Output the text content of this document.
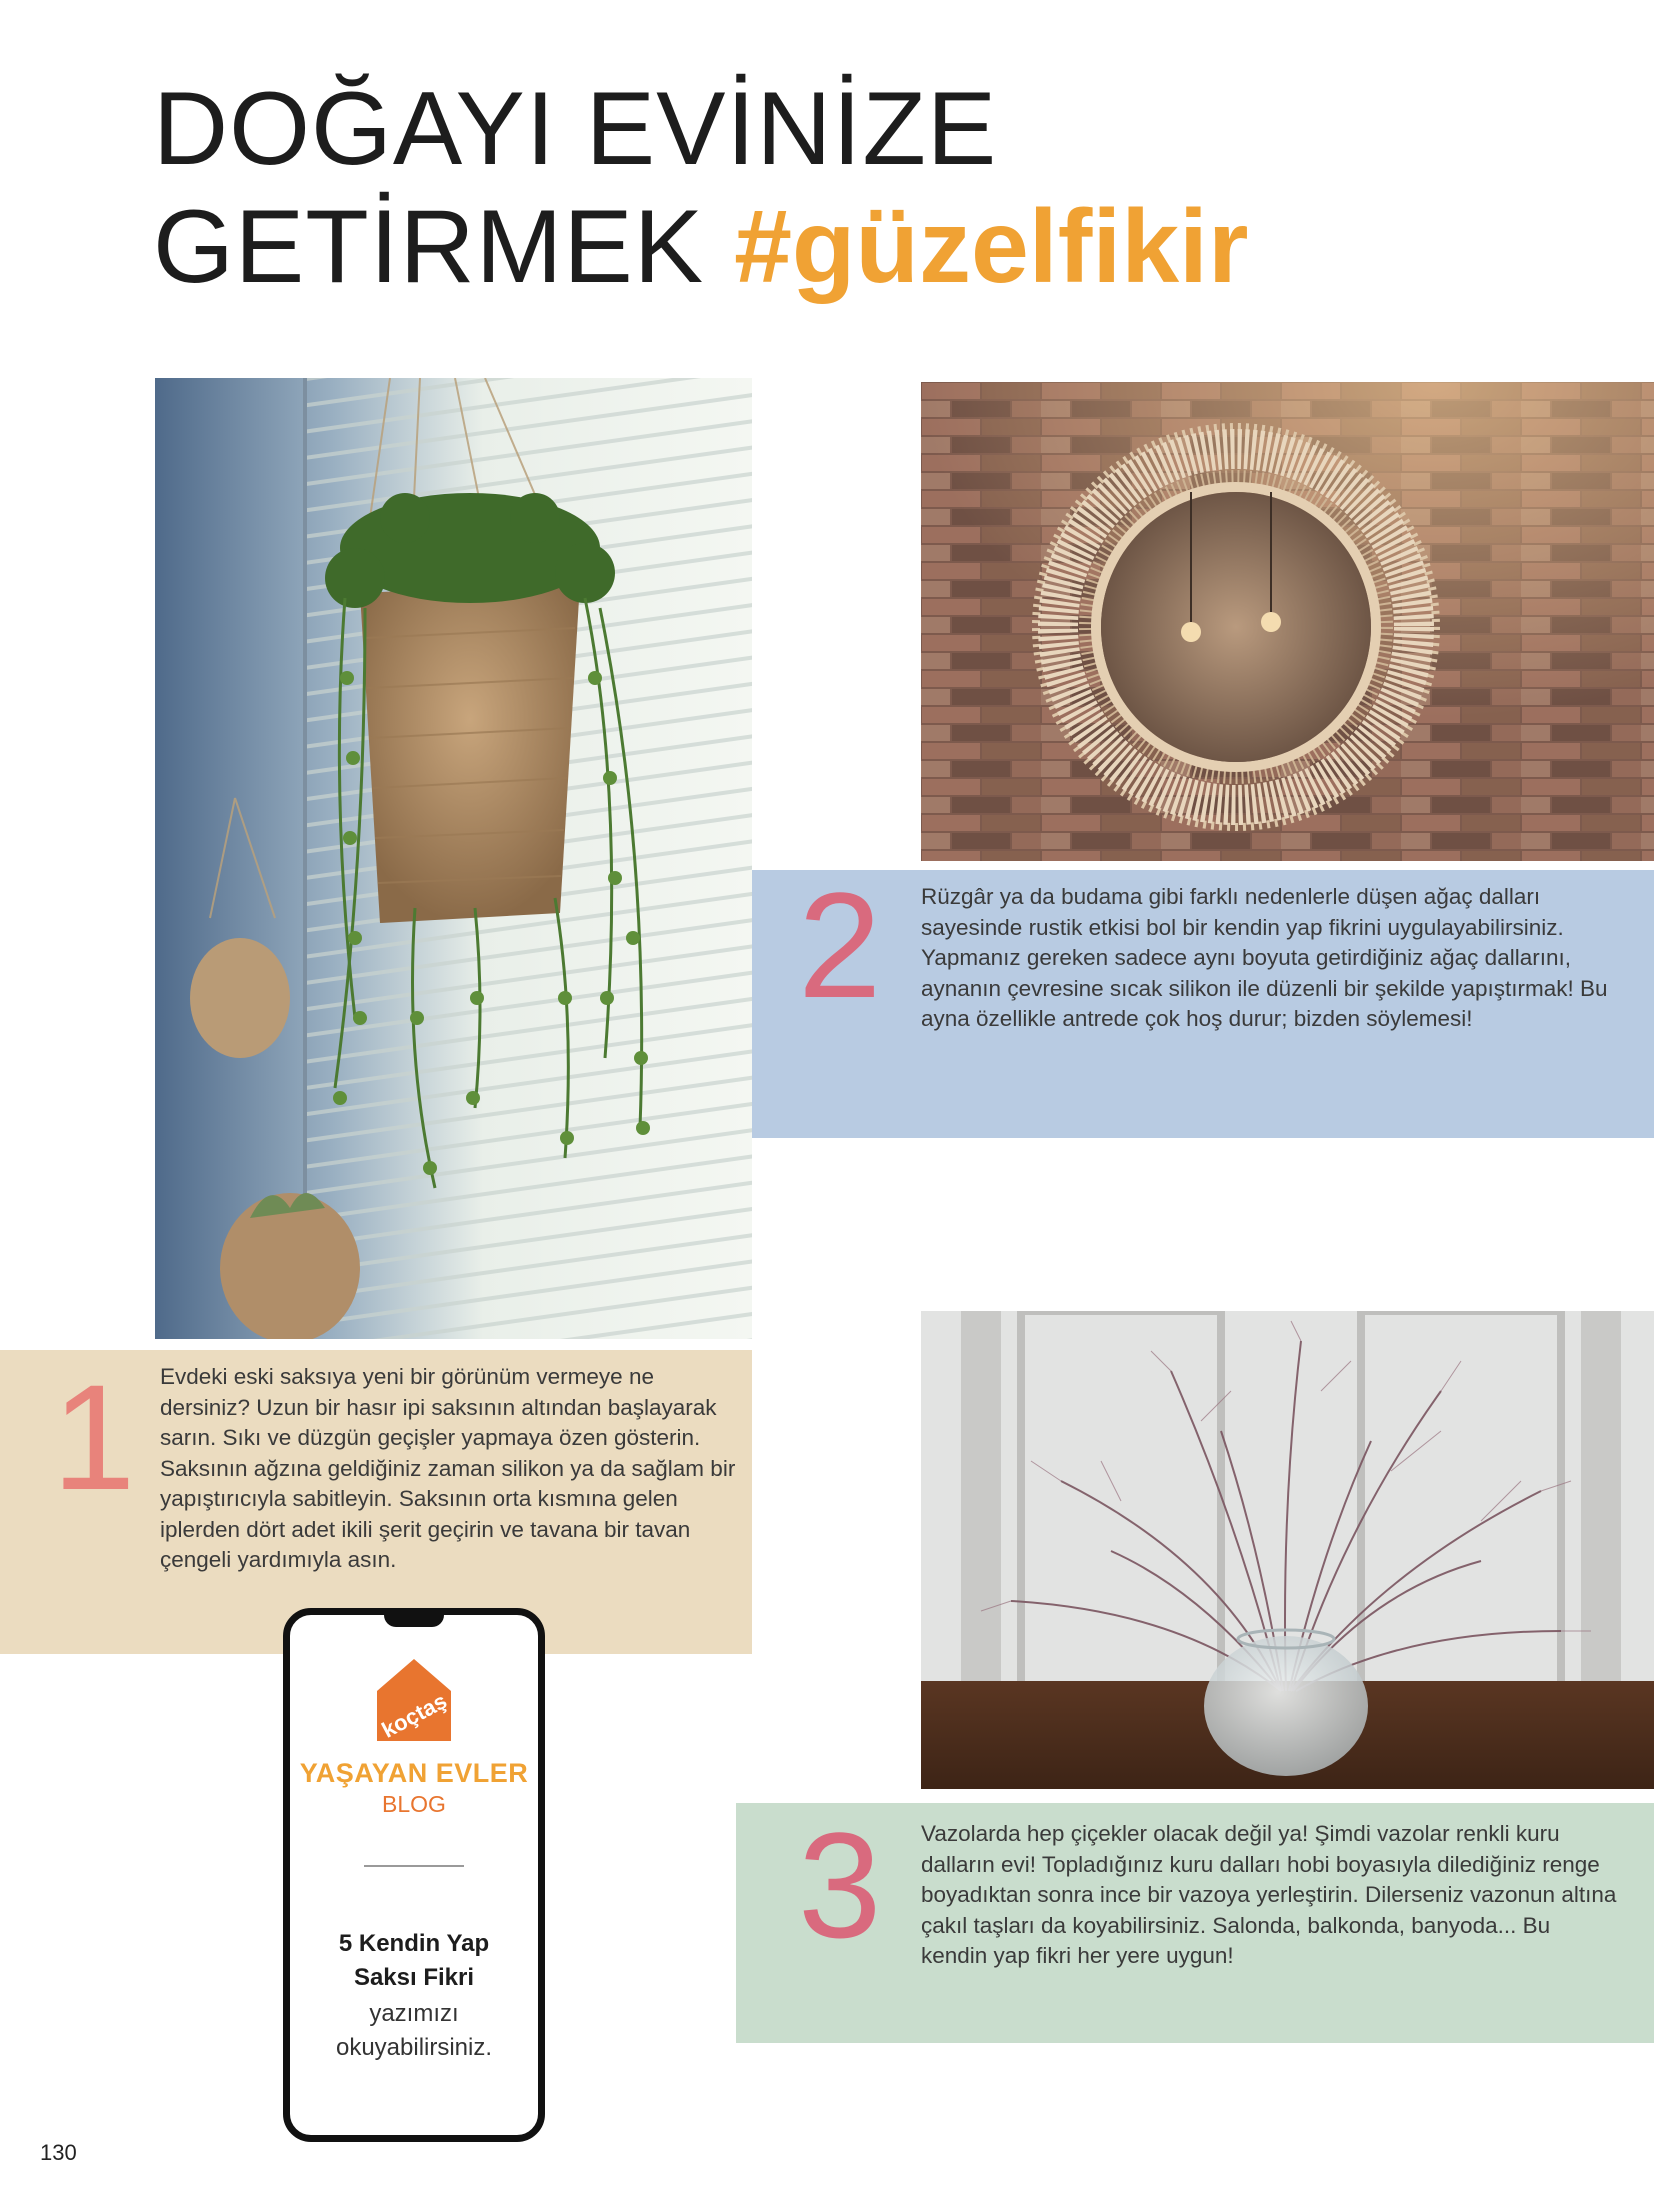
DOĞAYI EVİNİZE
GETİRMEK #güzelfikir
1
2
3

Evdeki eski saksıya yeni bir görünüm vermeye ne dersiniz? Uzun bir hasır ipi saksının altından başlayarak sarın. Sıkı ve düzgün geçişler yapmaya özen gösterin. Saksının ağzına geldiğiniz zaman silikon ya da sağlam bir yapıştırıcıyla sabitleyin. Saksının orta kısmına gelen iplerden dört adet ikili şerit geçirin ve tavana bir tavan çengeli yardımıyla asın.

Rüzgâr ya da budama gibi farklı nedenlerle düşen ağaç dalları sayesinde rustik etkisi bol bir kendin yap fikrini uygulayabilirsiniz. Yapmanız gereken sadece aynı boyuta getirdiğiniz ağaç dallarını, aynanın çevresine sıcak silikon ile düzenli bir şekilde yapıştırmak! Bu ayna özellikle antrede çok hoş durur; bizden söylemesi!

Vazolarda hep çiçekler olacak değil ya! Şimdi vazolar renkli kuru dalların evi! Topladığınız kuru dalları hobi boyasıyla dilediğiniz renge boyadıktan sonra ince bir vazoya yerleştirin. Dilerseniz vazonun altına çakıl taşları da koyabilirsiniz. Salonda, balkonda, banyoda... Bu kendin yap fikri her yere uygun!

koçtaş
YAŞAYAN EVLER
BLOG
5 Kendin Yap
Saksı Fikri
yazımızı
okuyabilirsiniz.
130
